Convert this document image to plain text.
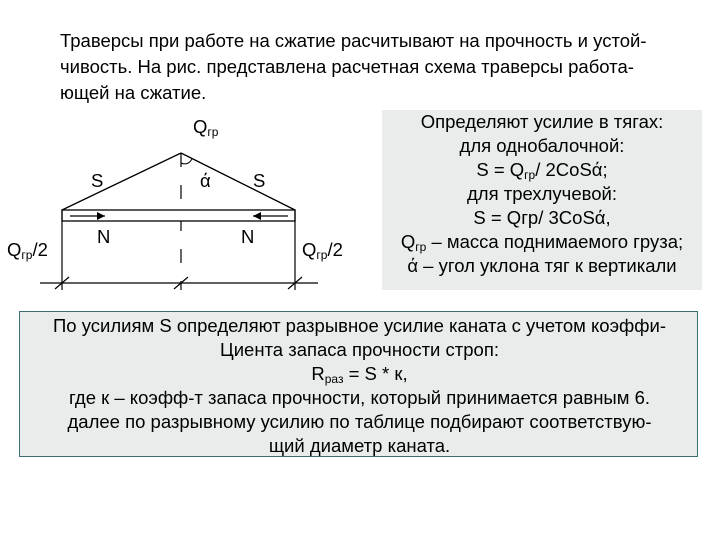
Траверсы при работе на сжатие расчитывают на прочность и устой-
чивость. На рис. представлена расчетная схема траверсы работа-
ющей на сжатие.
$Q_{гр}$
S	ά S
N	N
$Q_{гр}/2$	$Q_{гр}/2$
Определяют усилие в тягах:
для однобалочной:
$S = Q_{гр}/$ 2CoSά;
для трехлучевой:
S = Qгр/ 3CoSά,
$Q_{гр}$ – масса поднимаемого груза;
ά – угол уклона тяг к вертикали
По усилиям S определяют разрывное усилие каната с учетом коэффи-
Циента запаса прочности строп:
$R_{раз} = S * к$,
где к – коэфф-т запаса прочности, который принимается равным 6.
далее по разрывному усилию по таблице подбирают соответствую-
щий диаметр каната.
